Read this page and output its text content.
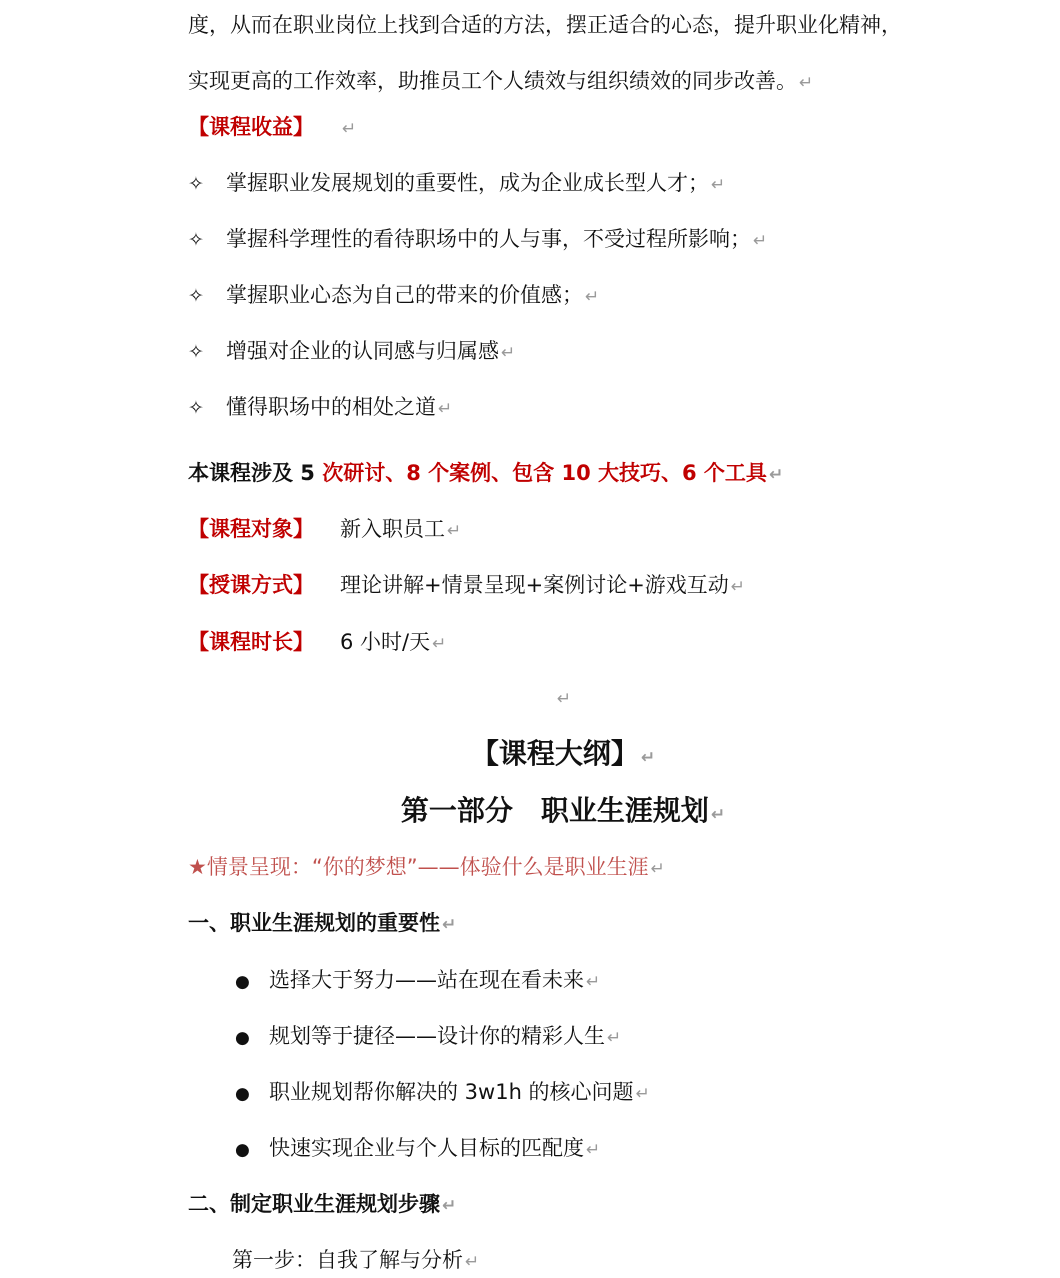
度，从而在职业岗位上找到合适的方法，摆正适合的心态，提升职业化精神，
实现更高的工作效率，助推员工个人绩效与组织绩效的同步改善。 ↵
【课程收益】 ↵
✧ 掌握职业发展规划的重要性，成为企业成长型人才； ↵
✧ 掌握科学理性的看待职场中的人与事，不受过程所影响； ↵
✧ 掌握职业心态为自己的带来的价值感； ↵
✧ 增强对企业的认同感与归属感 ↵
✧ 懂得职场中的相处之道 ↵
本课程涉及 5 次研讨、8 个案例、包含 10 大技巧、6 个工具 ↵
【课程对象】 新入职员工 ↵
【授课方式】 理论讲解+情景呈现+案例讨论+游戏互动 ↵
【课程时长】 6 小时/天 ↵
↵
【课程大纲】 ↵
第一部分　职业生涯规划 ↵
★情景呈现：“你的梦想”——体验什么是职业生涯 ↵
一、职业生涯规划的重要性 ↵
● 选择大于努力——站在现在看未来 ↵
● 规划等于捷径——设计你的精彩人生 ↵
● 职业规划帮你解决的 3w1h 的核心问题 ↵
● 快速实现企业与个人目标的匹配度 ↵
二、制定职业生涯规划步骤 ↵
第一步：自我了解与分析 ↵
